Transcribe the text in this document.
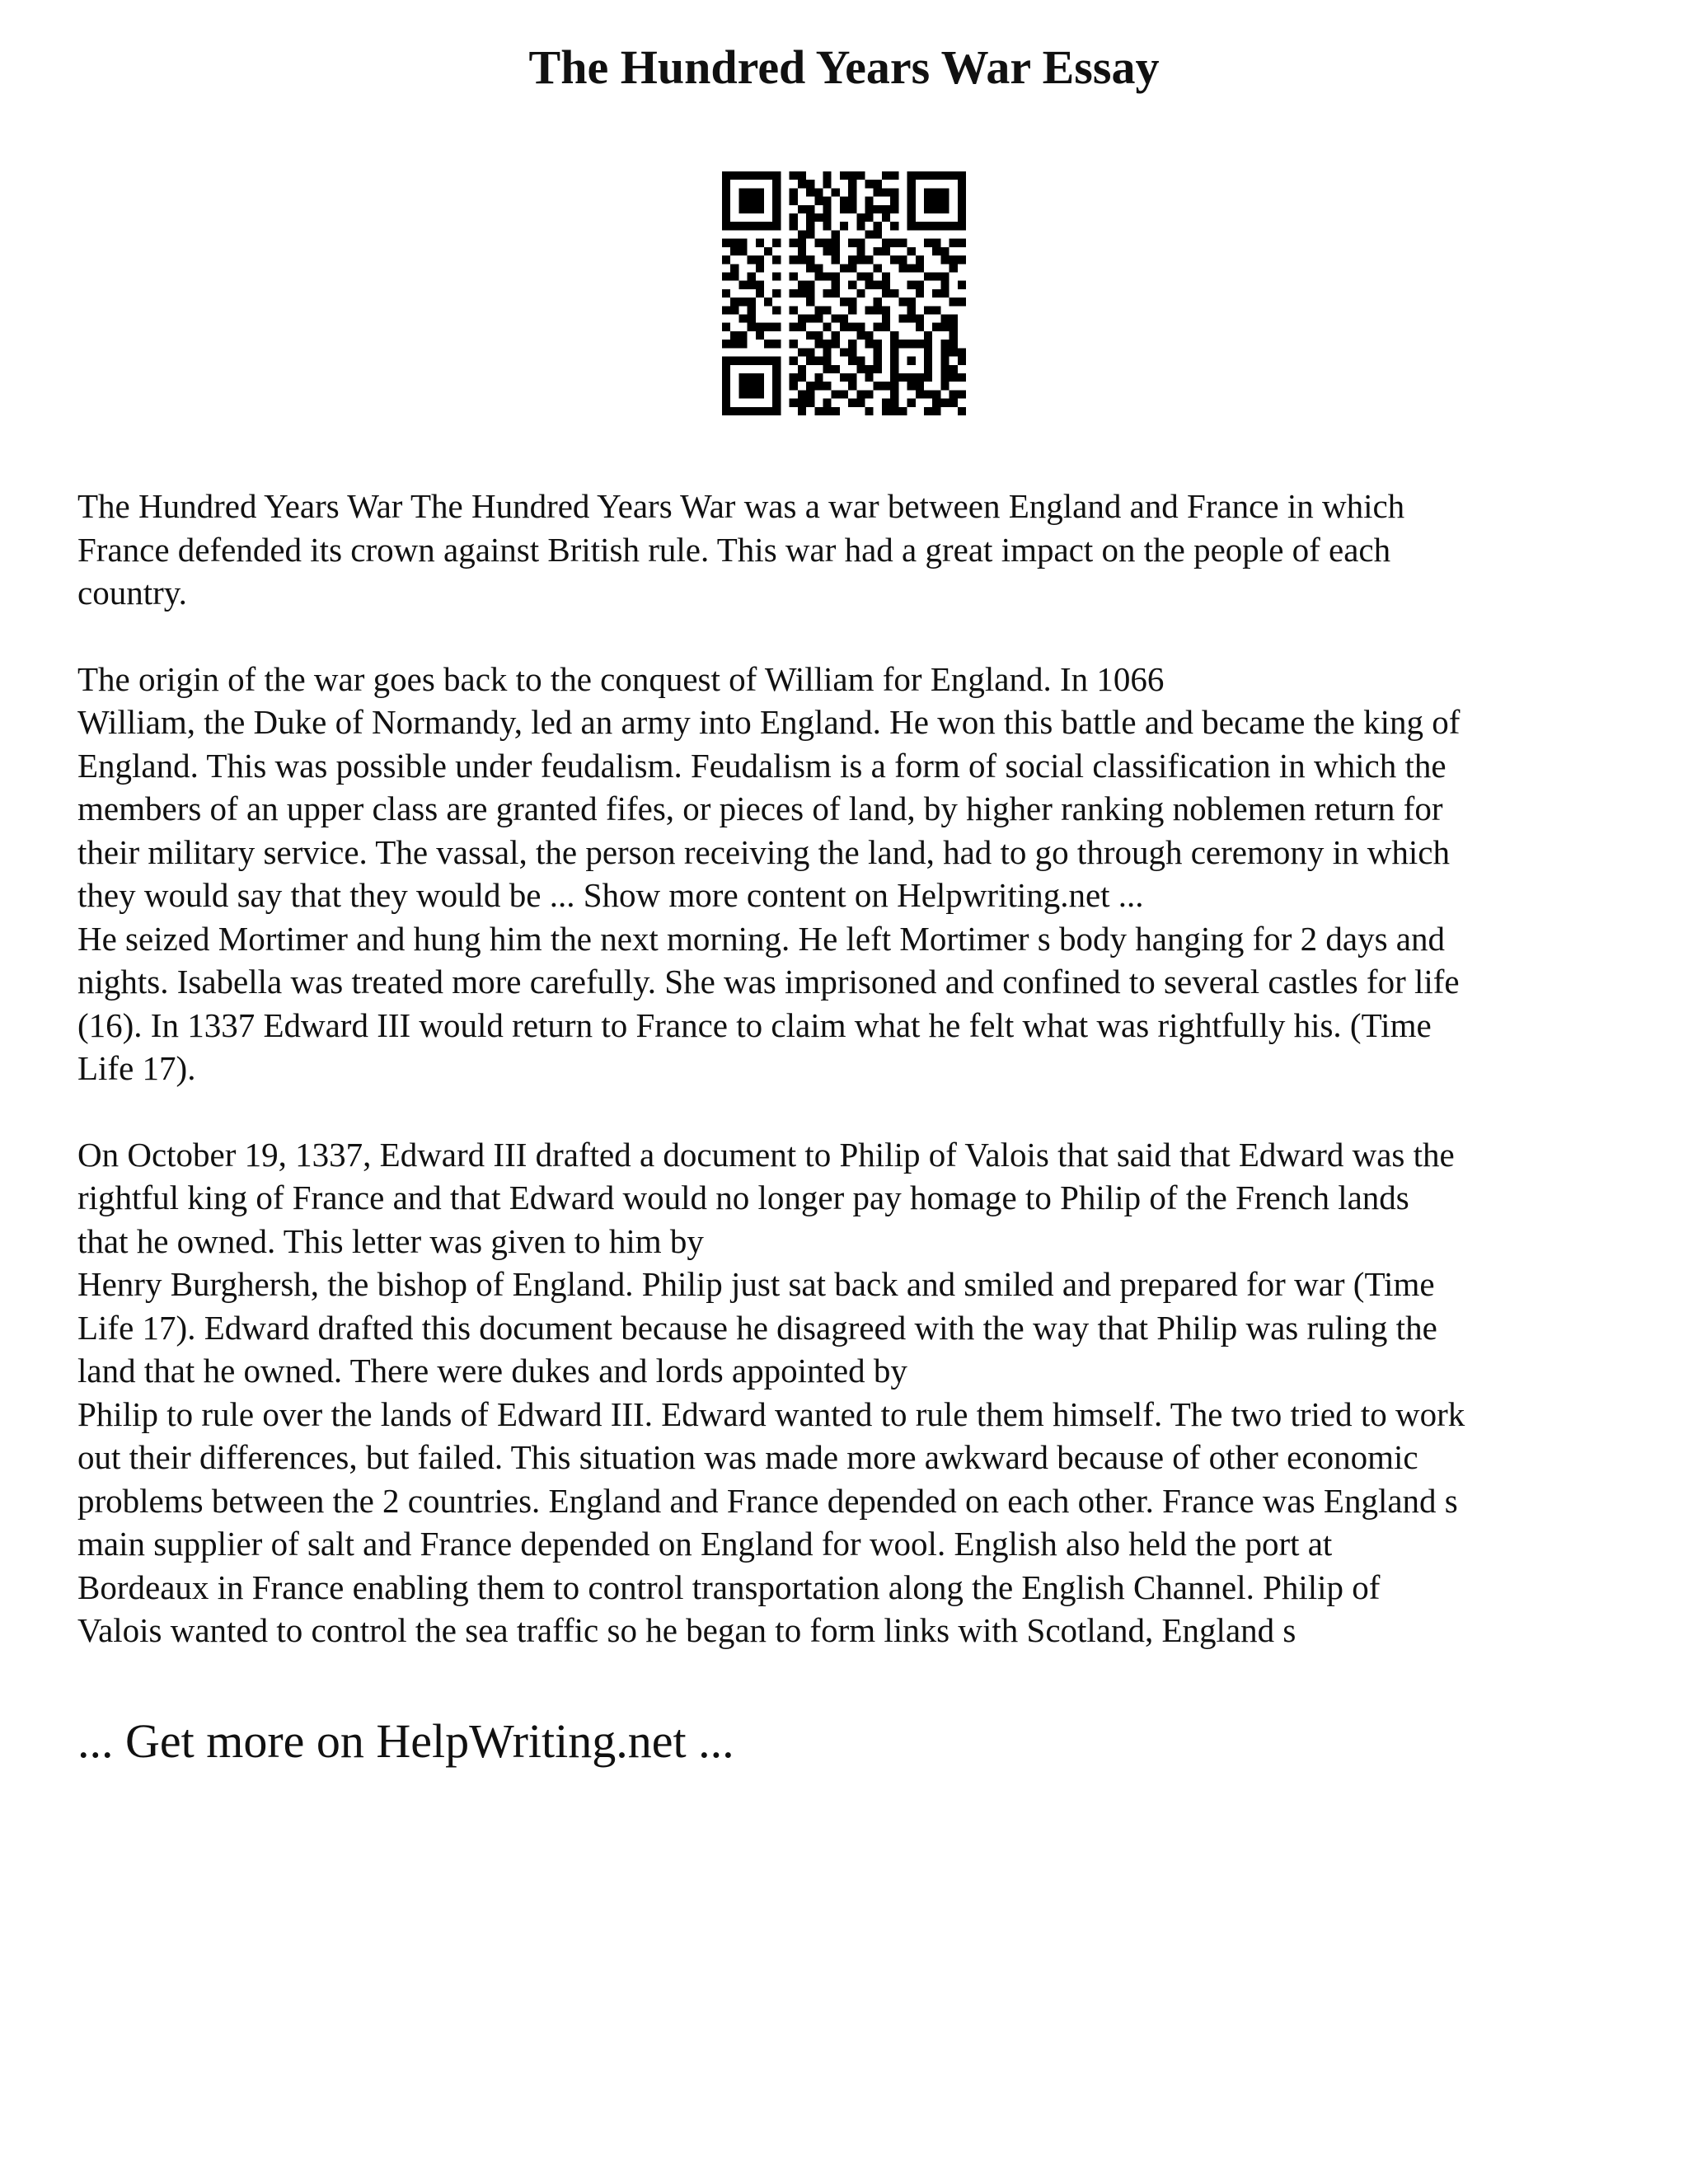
The Hundred Years War Essay

The Hundred Years War The Hundred Years War was a war between England and France in which
France defended its crown against British rule. This war had a great impact on the people of each
country.

The origin of the war goes back to the conquest of William for England. In 1066
William, the Duke of Normandy, led an army into England. He won this battle and became the king of
England. This was possible under feudalism. Feudalism is a form of social classification in which the
members of an upper class are granted fifes, or pieces of land, by higher ranking noblemen return for
their military service. The vassal, the person receiving the land, had to go through ceremony in which
they would say that they would be ... Show more content on Helpwriting.net ...

He seized Mortimer and hung him the next morning. He left Mortimer s body hanging for 2 days and
nights. Isabella was treated more carefully. She was imprisoned and confined to several castles for life
(16). In 1337 Edward III would return to France to claim what he felt what was rightfully his. (Time
Life 17).

On October 19, 1337, Edward III drafted a document to Philip of Valois that said that Edward was the
rightful king of France and that Edward would no longer pay homage to Philip of the French lands
that he owned. This letter was given to him by
Henry Burghersh, the bishop of England. Philip just sat back and smiled and prepared for war (Time
Life 17). Edward drafted this document because he disagreed with the way that Philip was ruling the
land that he owned. There were dukes and lords appointed by
Philip to rule over the lands of Edward III. Edward wanted to rule them himself. The two tried to work
out their differences, but failed. This situation was made more awkward because of other economic
problems between the 2 countries. England and France depended on each other. France was England s
main supplier of salt and France depended on England for wool. English also held the port at
Bordeaux in France enabling them to control transportation along the English Channel. Philip of
Valois wanted to control the sea traffic so he began to form links with Scotland, England s

... Get more on HelpWriting.net ...
